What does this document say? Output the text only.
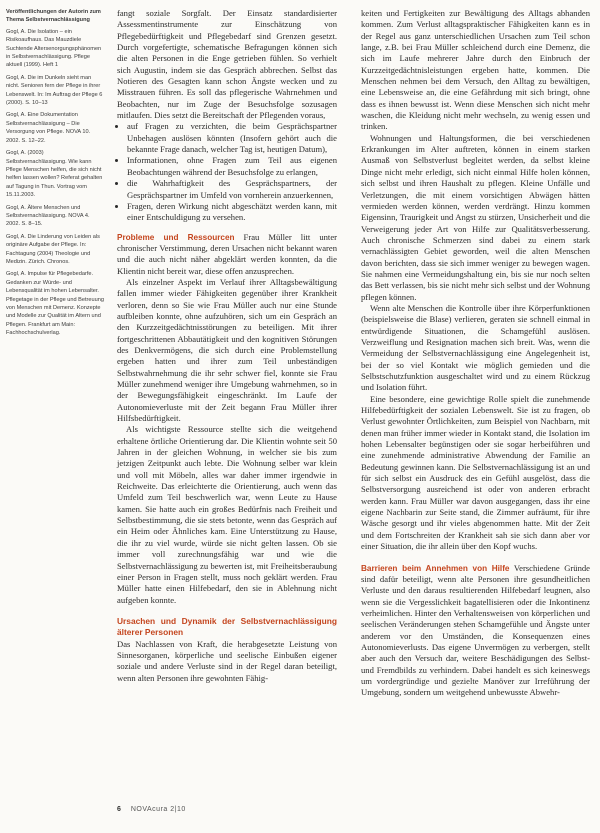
Veröffentlichungen der Autorin zum Thema Selbstvernachlässigung
Gogl, A. Die Isolation – ein Risikoaufhaus. Das Mauzdiele Suchtende Altersenorgungsphänomen in Selbstvernachlässigung. Pflege aktuell (1999). Heft 1
Gogl, A. Die im Dunkeln sieht man nicht. Senioren fern der Pflege in ihrer Lebenswelt. In: Im Auftrag der Pflege 6 (2000). S. 10–13
Gogl, A. Eine Dokumentation Selbstvernachlässigung – Die Versorgung von Pflege. NOVA 10. 2002. S. 12–22.
Gogl, A. (2003) Selbstvernachlässigung. Wie kann Pflege Menschen helfen, die sich nicht helfen lassen wollen? Referat gehalten auf Tagung in Thun. Vortrag vom 15.11.2003.
Gogl, A. Ältere Menschen und Selbstvernachlässigung. NOVA 4. 2002. S. 8–15.
Gogl, A. Die Linderung von Leiden als originäre Aufgabe der Pflege. In: Fachtagung (2004) Theologie und Medizin. Zürich. Chronos.
Gogl, A. Impulse für Pflegebedarfe. Gedanken zur Würde- und Lebensqualität im hohen Lebensalter. Pflegetage in der Pflege und Betreuung von Menschen mit Demenz. Konzepte und Modelle zur Qualität im Altern und Pflegen. Frankfurt am Main: Fachhochschulverlag.

fangt soziale Sorgfalt. Der Einsatz standardisierter Assessmentinstrumente zur Einschätzung von Pflegebedürftigkeit und Pflegebedarf sind Grenzen gesetzt. Durch vorgefertigte, schematische Befragungen können sich die alten Personen in die Enge getrieben fühlen. So verhielt sich Augustin, indem sie das Gespräch abbrechen. Selbst das Notieren des Gesagten kann schon Ängste wecken und zu Misstrauen führen. Es soll das pflegerische Wahrnehmen und Beobachten, nur im Zuge der Besuchsfolge sozusagen mitlaufen. Dies setzt die Bereitschaft der Pflegenden voraus,

• auf Fragen zu verzichten, die beim Gesprächspartner Unbehagen auslösen könnten (Insofern gehört auch die bekannte Frage danach, welcher Tag ist, heutigen Datum),
• Informationen, ohne Fragen zum Teil aus eigenen Beobachtungen während der Besuchsfolge zu erlangen,
• die Wahrhaftigkeit des Gesprächspartners, der Gesprächspartner im Umfeld von vornherein anzuerkennen,
• Fragen, deren Wirkung nicht abgeschätzt werden kann, mit einer Entschuldigung zu versehen.

Probleme und Ressourcen Frau Müller litt unter chronischer Verstimmung, deren Ursachen nicht bekannt waren und die auch nicht näher abgeklärt werden konnten, da die Klientin nicht bereit war, diese offen anzusprechen.

Als einzelner Aspekt im Verlauf ihrer Alltagsbewältigung fallen immer wieder Fähigkeiten gegenüber ihrer Krankheit verloren, denn so Sie wie Frau Müller auch nur eine Stunde aufbleiben konnte, ohne aufzuhören, sich um ein Gespräch an den Kurzzeitgedächtnisstörungen zu beteiligen. Mit ihrer fortgeschrittenen Abbautätigkeit und den kognitiven Störungen des Denkvermögens, die sich durch eine Problemstellung ergeben hatten und ihrer zum Teil unbeständigen Selbstwahrnehmung die ihr sehr schwer fiel, konnte sie Frau Müller zunehmend weniger ihre Umgebung wahrnehmen, so in der Bewegungsfähigkeit eingeschränkt. Im Laufe der Autonomieverluste mit der Zeit begann Frau Müller ihrer Hilfsbedürftigkeit.

Als wichtigste Ressource stellte sich die weitgehend erhaltene örtliche Orientierung dar. Die Klientin wohnte seit 50 Jahren in der gleichen Wohnung, in welcher sie bis zum jetzigen Zeitpunkt auch lebte. Die Wohnung selber war klein und voll mit Möbeln, alles war daher immer irgendwie in Reichweite. Das erleichterte die Orientierung, auch wenn das Umfeld zum Teil beschwerlich war, wenn Leute zu Hause kamen. Sie hatte auch ein großes Bedürfnis nach Freiheit und Selbstbestimmung, die sie stets betonte, wenn das Gespräch auf ein Heim oder Ähnliches kam. Eine Unterstützung zu Hause, die ihr zu viel wurde, würde sie nicht gelten lassen. Ob sie immer voll zurechnungsfähig war und wie die Selbstvernachlässigung zu bewerten ist, mit Freiheitsberaubung einer Person in Fragen stellt, muss noch geklärt werden. Frau Müller hatte einen Hilfebedarf, den sie in Ablehnung nicht aufgeben konnte.

Ursachen und Dynamik der Selbstvernachlässigung älterer Personen

Das Nachlassen von Kraft, die herabgesetzte Leistung von Sinnesorganen, körperliche und seelische Einbußen eigener soziale und andere Verluste sind in der Regel daran beteiligt, wenn alten Personen ihre gewohnten Fähig-

keiten und Fertigkeiten zur Bewältigung des Alltags abhanden kommen. Zum Verlust alltagspraktischer Fähigkeiten kann es in der Regel aus ganz unterschiedlichen Ursachen zum Teil schon lange, z.B. bei Frau Müller schleichend durch eine Demenz, die sich im Laufe mehrerer Jahre durch den Einbruch der Kurzzeitgedächtnisleistungen ergeben hatte, kommen. Die Menschen nehmen bei dem Versuch, den Alltag zu bewältigen, eine Lebensweise an, die eine Gefährdung mit sich bringt, ohne dass es ihnen bewusst ist. Wenn diese Menschen sich nicht mehr waschen, die Kleidung nicht mehr wechseln, zu wenig essen und trinken.

Wohnungen und Haltungsformen, die bei verschiedenen Erkrankungen im Alter auftreten, können in einem starken Ausmaß von Selbstverlust begleitet werden, da selbst kleine Dinge nicht mehr erledigt, sich nicht einmal Hilfe holen können, sich selbst und ihren Haushalt zu pflegen. Kleine Unfälle und Verletzungen, die mit einem vorsichtigen Abwägen hätten vermieden werden können, werden verdrängt. Hinzu kommen Eigensinn, Traurigkeit und Angst zu stürzen, Unsicherheit und die Verweigerung jeder Art von Hilfe zur Qualitätsverbesserung. Auch chronische Schmerzen sind dabei zu einem stark vernachlässigten Gebiet geworden, weil die alten Menschen davon berichten, dass sie sich immer weniger zu bewegen wagen. Sie nahmen eine Vermeidungshaltung ein, bis sie nur noch selten das Bett verlassen, bis sie nicht mehr sich selbst und der Wohnung pflegen können.

Wenn alte Menschen die Kontrolle über ihre Körperfunktionen (beispielsweise die Blase) verlieren, geraten sie schnell einmal in entwürdigende Situationen, die Schamgefühl auslösen. Verzweiflung und Resignation machen sich breit. Was, wenn die Vermeidung der Selbstvernachlässigung eine Angelegenheit ist, bei der so viel Kontakt wie möglich gemieden und die Selbstschutzfunktion ausgeschaltet wird und zu einem Rückzug und Isolation führt.

Eine besondere, eine gewichtige Rolle spielt die zunehmende Hilfebedürftigkeit der sozialen Lebenswelt. Sie ist zu fragen, ob Verlust gewohnter Örtlichkeiten, zum Beispiel von Nachbarn, mit denen man früher immer wieder in Kontakt stand, die Isolation im hohen Lebensalter begünstigen oder sie sogar herbeiführen und eine zunehmende administrative Abwendung der Familie an Bedeutung gewinnen kann. Die Selbstvernachlässigung ist an und für sich selbst ein Ausdruck des ein Gefühl ausgelöst, dass die Selbstversorgung ausreichend ist oder von anderen erbracht werden kann. Frau Müller war davon ausgegangen, dass ihr eine eigene Nachbarin zur Seite stand, die Zimmer aufräumt, für ihre Wäsche gesorgt und ihr vieles abgenommen hatte. Mit der Zeit und dem Fortschreiten der Krankheit sah sie sich dann aber vor einer Situation, die ihr allein über den Kopf wuchs.

Barrieren beim Annehmen von Hilfe Verschiedene Gründe sind dafür beteiligt, wenn alte Personen ihre gesundheitlichen Verluste und den daraus resultierenden Hilfebedarf leugnen, also wenn sie die Vergesslichkeit bagatellisieren oder die Inkontinenz verheimlichen. Hinter den Verhaltensweisen von körperlichen und seelischen Veränderungen stehen Schamgefühle und Ängste unter anderem vor den Umständen, die Konsequenzen eines Autonomieverlusts. Das eigene Unvermögen zu verbergen, stellt aber auch den Versuch dar, weitere Beschädigungen des Selbst- und Fremdbilds zu verhindern. Dabei handelt es sich keineswegs um vordergründige und gezielte Manöver zur Irreführung der Umgebung, sondern um weitgehend unbewusste Abwehr-

6 NOVAcura 2|10
